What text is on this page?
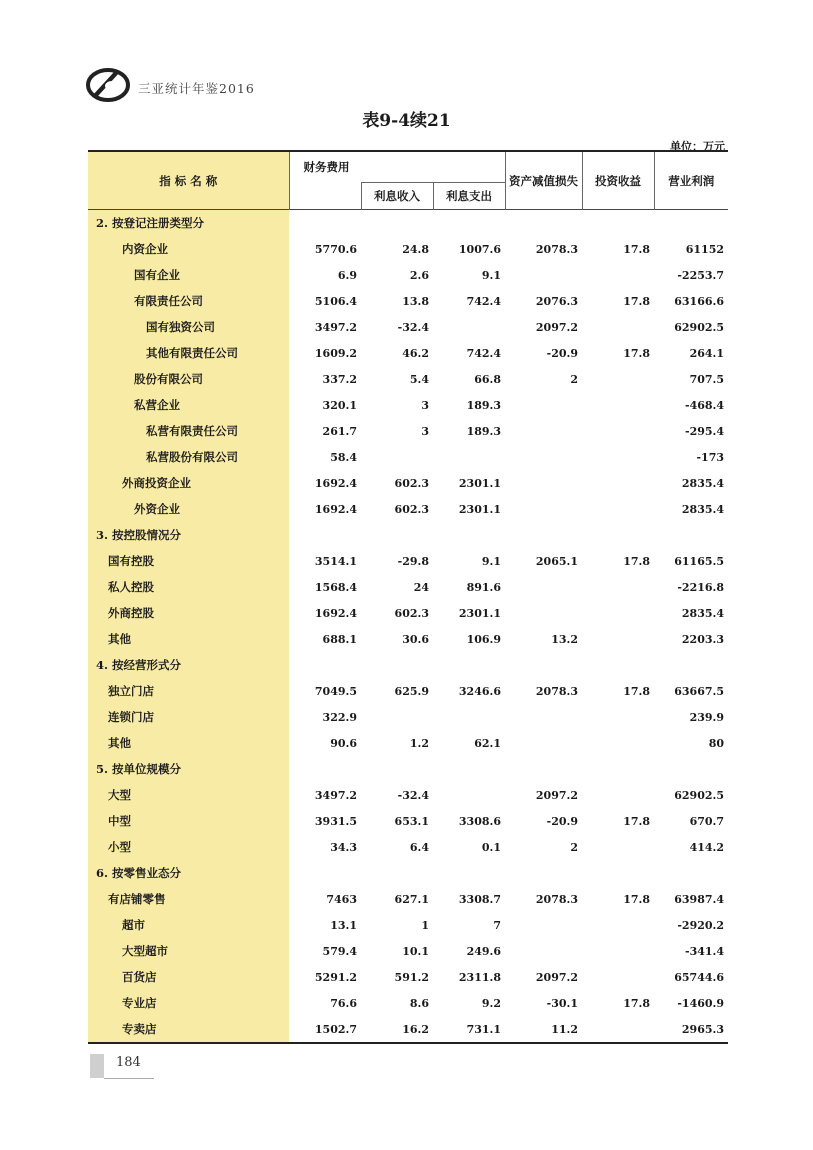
三亚统计年鉴2016
表9-4续21
单位：万元
指 标 名 称	财务费用			资产减值损失	投资收益	营业利润
		利息收入	利息支出			
2. 按登记注册类型分						
内资企业	5770.6	24.8	1007.6	2078.3	17.8	61152
国有企业	6.9	2.6	9.1			-2253.7
有限责任公司	5106.4	13.8	742.4	2076.3	17.8	63166.6
国有独资公司	3497.2	-32.4		2097.2		62902.5
其他有限责任公司	1609.2	46.2	742.4	-20.9	17.8	264.1
股份有限公司	337.2	5.4	66.8	2		707.5
私营企业	320.1	3	189.3			-468.4
私营有限责任公司	261.7	3	189.3			-295.4
私营股份有限公司	58.4					-173
外商投资企业	1692.4	602.3	2301.1			2835.4
外资企业	1692.4	602.3	2301.1			2835.4
3. 按控股情况分						
国有控股	3514.1	-29.8	9.1	2065.1	17.8	61165.5
私人控股	1568.4	24	891.6			-2216.8
外商控股	1692.4	602.3	2301.1			2835.4
其他	688.1	30.6	106.9	13.2		2203.3
4. 按经营形式分						
独立门店	7049.5	625.9	3246.6	2078.3	17.8	63667.5
连锁门店	322.9					239.9
其他	90.6	1.2	62.1			80
5. 按单位规模分						
大型	3497.2	-32.4		2097.2		62902.5
中型	3931.5	653.1	3308.6	-20.9	17.8	670.7
小型	34.3	6.4	0.1	2		414.2
6. 按零售业态分						
有店铺零售	7463	627.1	3308.7	2078.3	17.8	63987.4
超市	13.1	1	7			-2920.2
大型超市	579.4	10.1	249.6			-341.4
百货店	5291.2	591.2	2311.8	2097.2		65744.6
专业店	76.6	8.6	9.2	-30.1	17.8	-1460.9
专卖店	1502.7	16.2	731.1	11.2		2965.3
184
